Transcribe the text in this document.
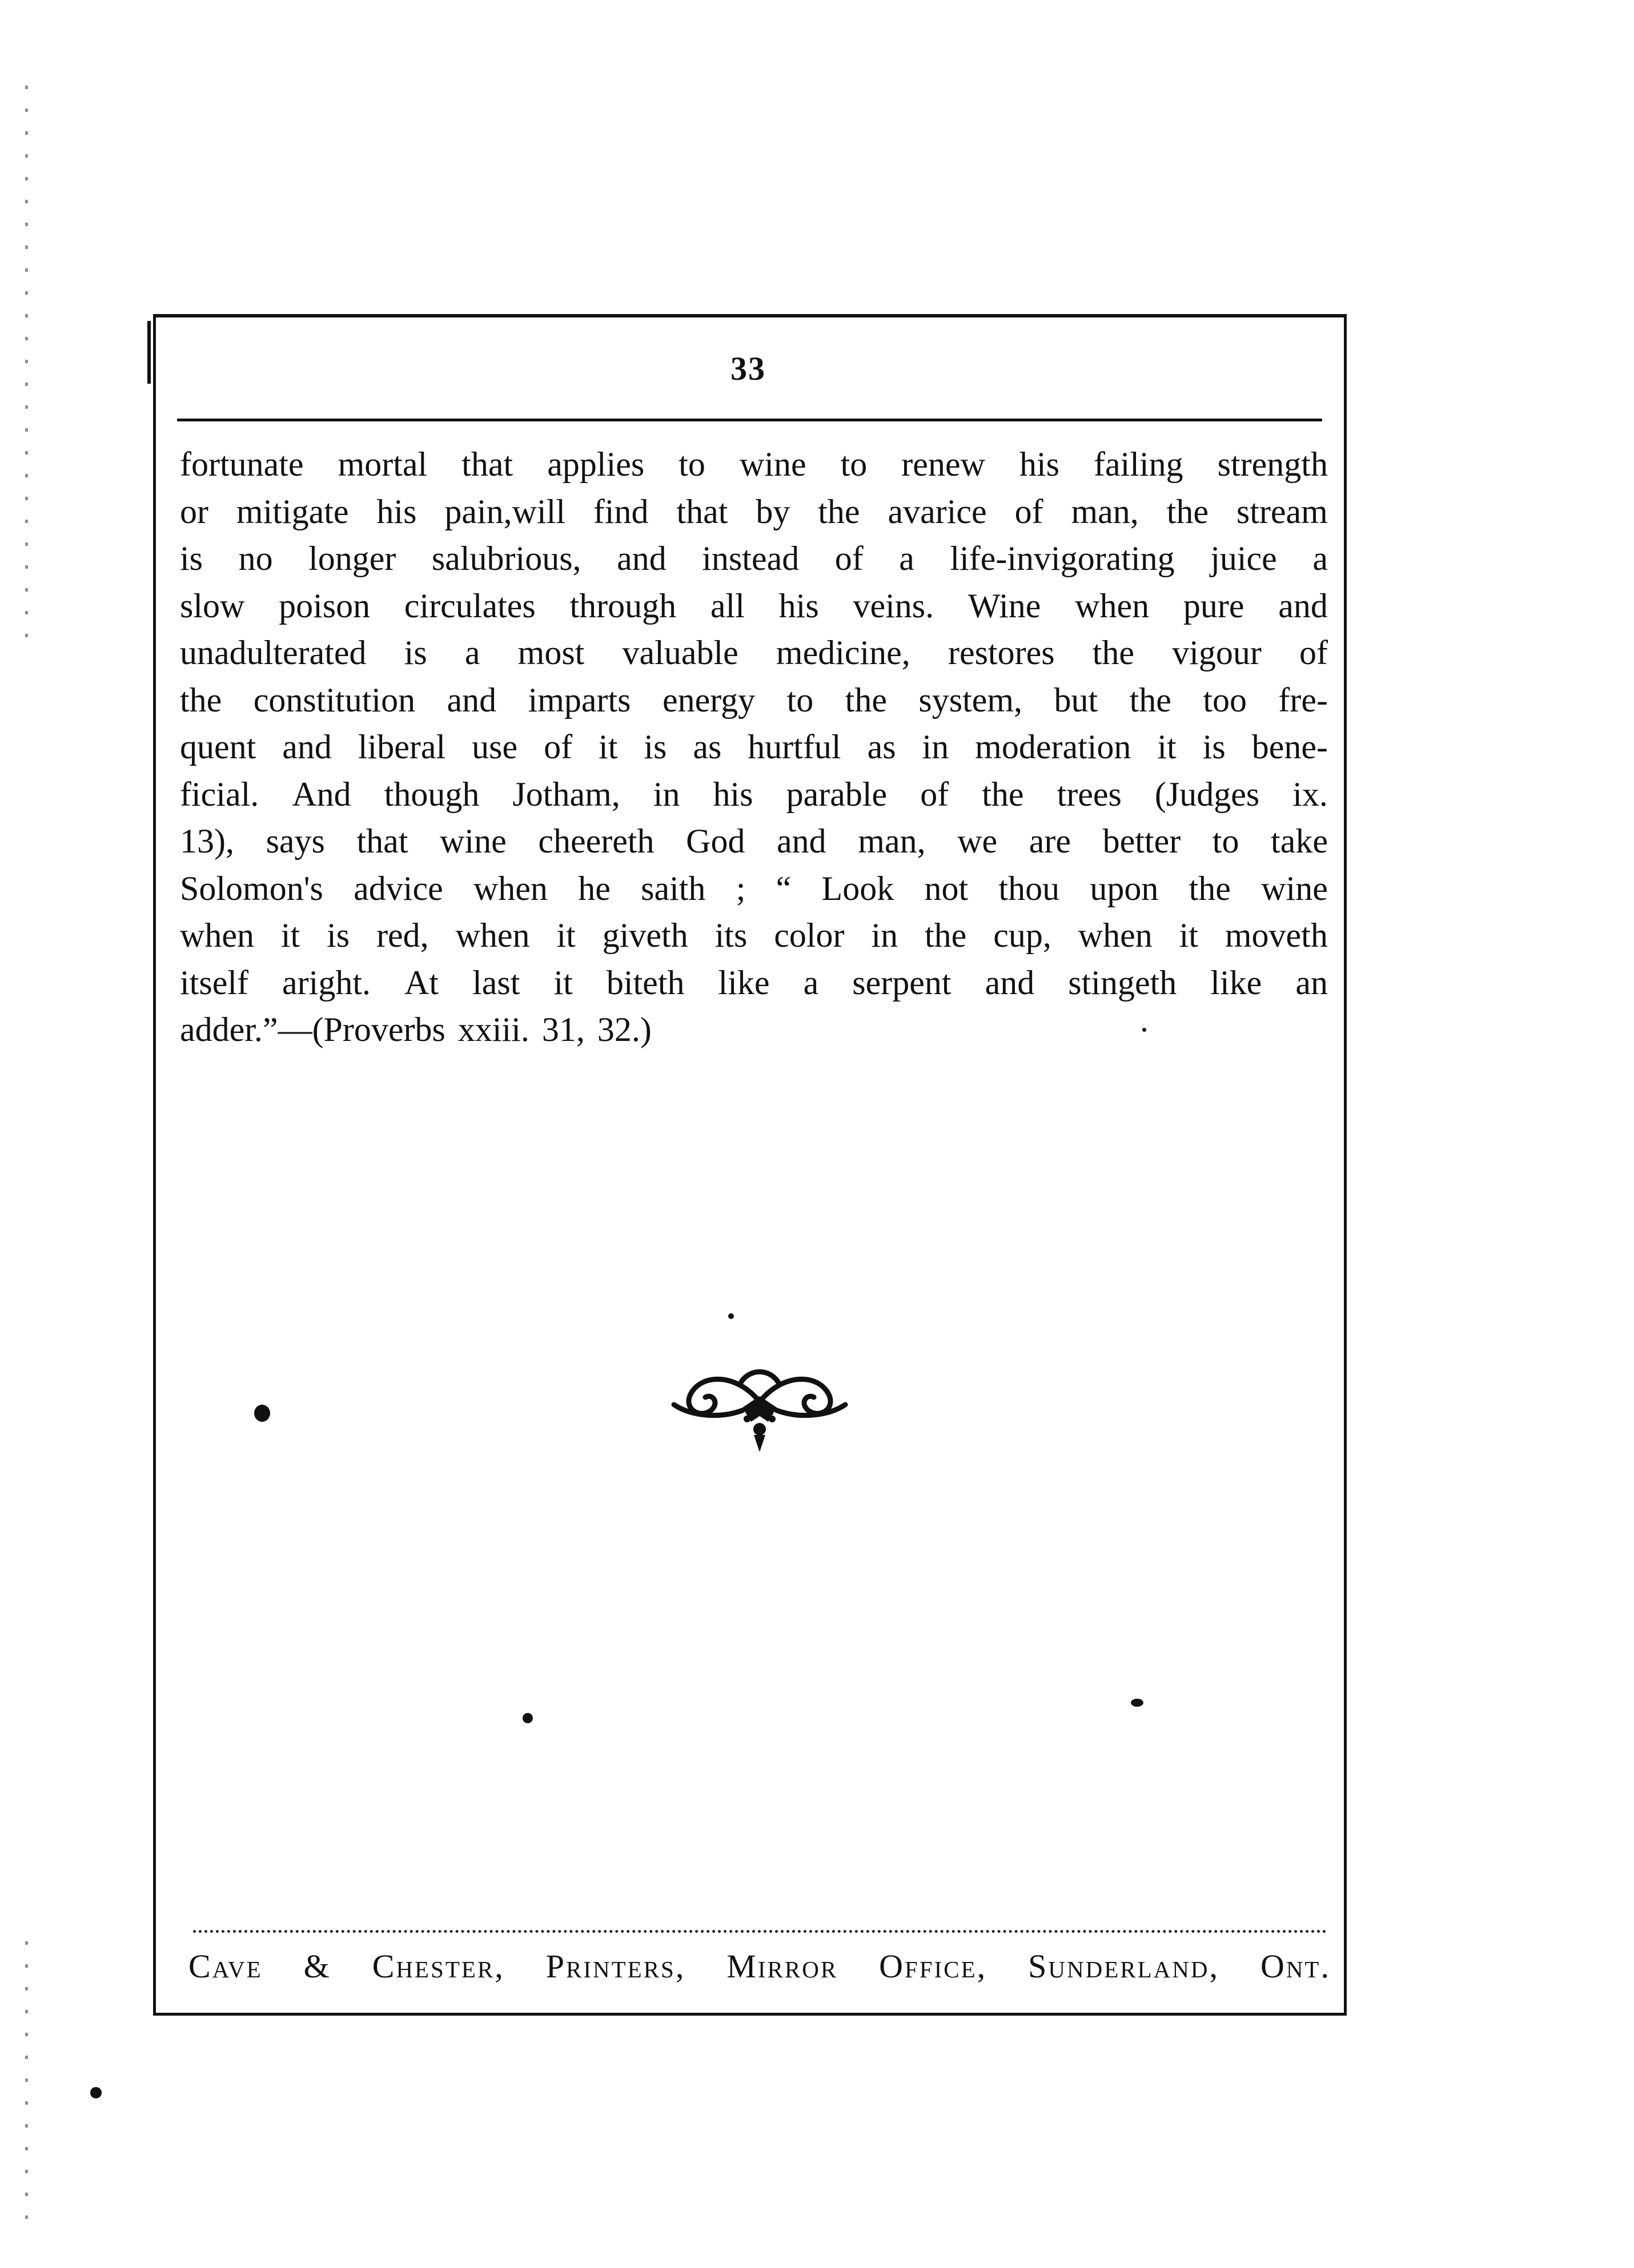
33
fortunate mortal that applies to wine to renew his failing strength
or mitigate his pain,will find that by the avarice of man, the stream
is no longer salubrious, and instead of a life-invigorating juice a
slow poison circulates through all his veins. Wine when pure and
unadulterated is a most valuable medicine, restores the vigour of
the constitution and imparts energy to the system, but the too fre-
quent and liberal use of it is as hurtful as in moderation it is bene-
ficial. And though Jotham, in his parable of the trees (Judges ix.
13), says that wine cheereth God and man, we are better to take
Solomon's advice when he saith ; “ Look not thou upon the wine
when it is red, when it giveth its color in the cup, when it moveth
itself aright. At last it biteth like a serpent and stingeth like an
adder.”—(Proverbs xxiii. 31, 32.)
Cave & Chester, Printers, Mirror Office, Sunderland, Ont.
